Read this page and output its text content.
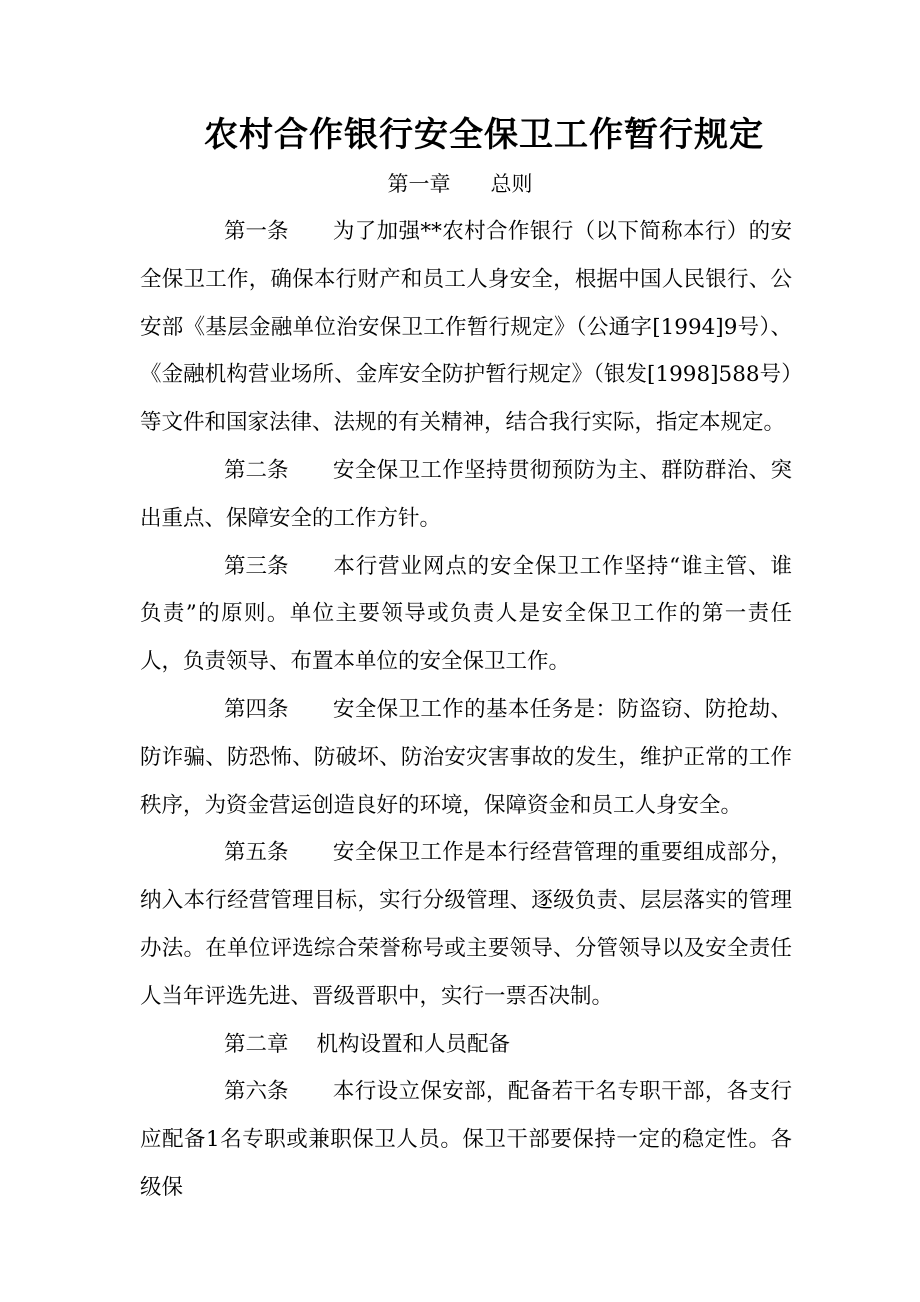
农村合作银行安全保卫工作暂行规定
第一章 总则

第一条 为了加强**农村合作银行（以下简称本行）的安全保卫工作，确保本行财产和员工人身安全，根据中国人民银行、公安部《基层金融单位治安保卫工作暂行规定》（公通字[1994]9号）、《金融机构营业场所、金库安全防护暂行规定》（银发[1998]588号）等文件和国家法律、法规的有关精神，结合我行实际，指定本规定。

第二条 安全保卫工作坚持贯彻预防为主、群防群治、突出重点、保障安全的工作方针。

第三条 本行营业网点的安全保卫工作坚持“谁主管、谁负责”的原则。单位主要领导或负责人是安全保卫工作的第一责任人，负责领导、布置本单位的安全保卫工作。

第四条 安全保卫工作的基本任务是：防盗窃、防抢劫、防诈骗、防恐怖、防破坏、防治安灾害事故的发生，维护正常的工作秩序，为资金营运创造良好的环境，保障资金和员工人身安全。

第五条 安全保卫工作是本行经营管理的重要组成部分，纳入本行经营管理目标，实行分级管理、逐级负责、层层落实的管理办法。在单位评选综合荣誉称号或主要领导、分管领导以及安全责任人当年评选先进、晋级晋职中，实行一票否决制。

第二章 机构设置和人员配备

第六条 本行设立保安部，配备若干名专职干部，各支行应配备1名专职或兼职保卫人员。保卫干部要保持一定的稳定性。各级保
